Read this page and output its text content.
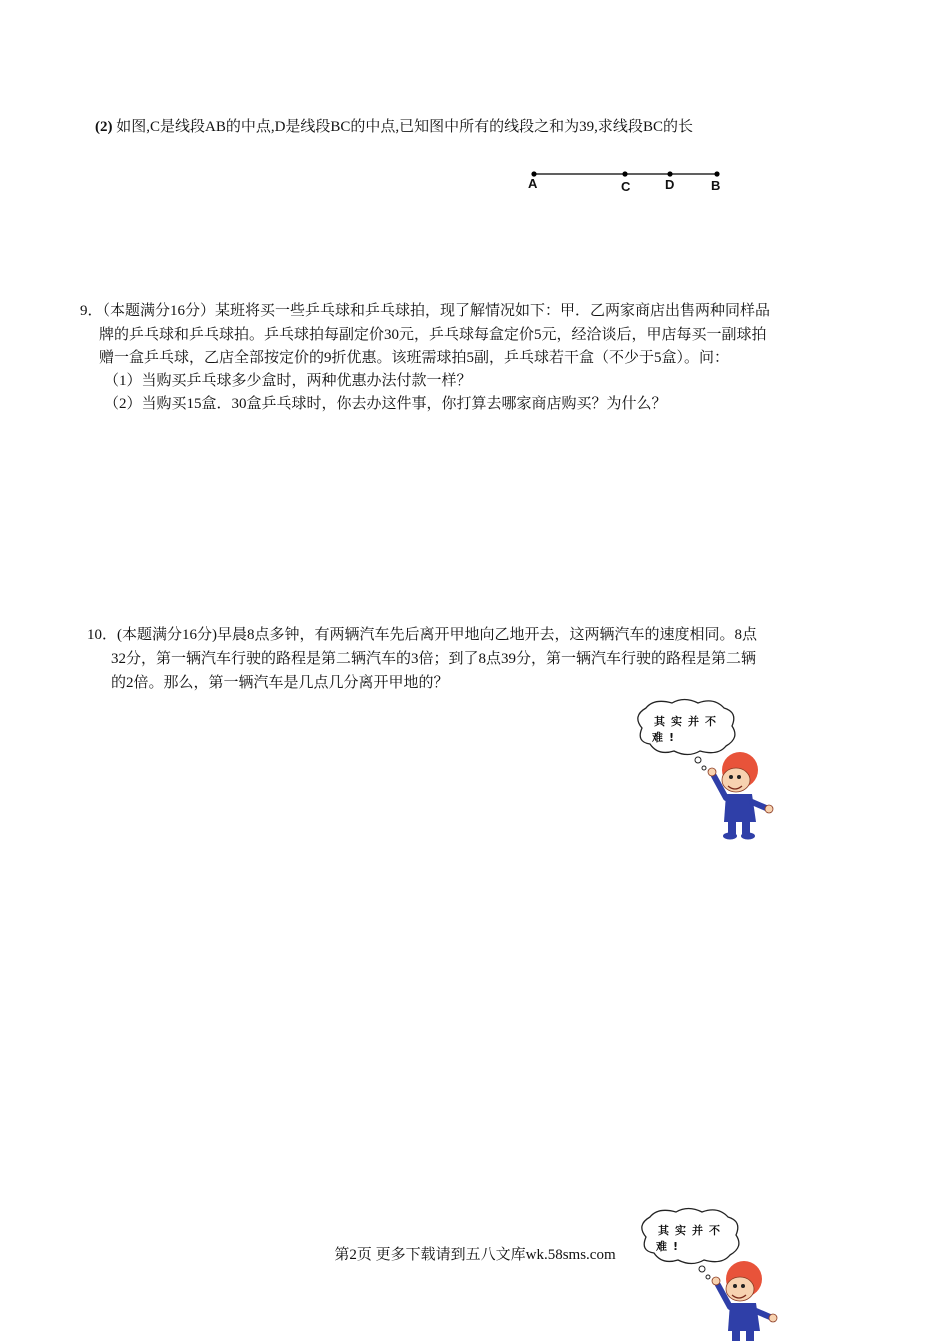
(2) 如图,C是线段AB的中点,D是线段BC的中点,已知图中所有的线段之和为39,求线段BC的长
A	C	D	B
9．（本题满分16分）某班将买一些乒乓球和乒乓球拍，现了解情况如下：甲．乙两家商店出售两种同样品
牌的乒乓球和乒乓球拍。乒乓球拍每副定价30元，乒乓球每盒定价5元，经洽谈后，甲店每买一副球拍
赠一盒乒乓球，乙店全部按定价的9折优惠。该班需球拍5副，乒乓球若干盒（不少于5盒）。问：
（1）当购买乒乓球多少盒时，两种优惠办法付款一样？
（2）当购买15盒．30盒乒乓球时，你去办这件事，你打算去哪家商店购买？为什么？
10．(本题满分16分)早晨8点多钟，有两辆汽车先后离开甲地向乙地开去，这两辆汽车的速度相同。8点
32分，第一辆汽车行驶的路程是第二辆汽车的3倍；到了8点39分，第一辆汽车行驶的路程是第二辆
的2倍。那么，第一辆汽车是几点几分离开甲地的？
其实并不
难!
其实并不
难!
第2页 更多下载请到五八文库wk.58sms.com
